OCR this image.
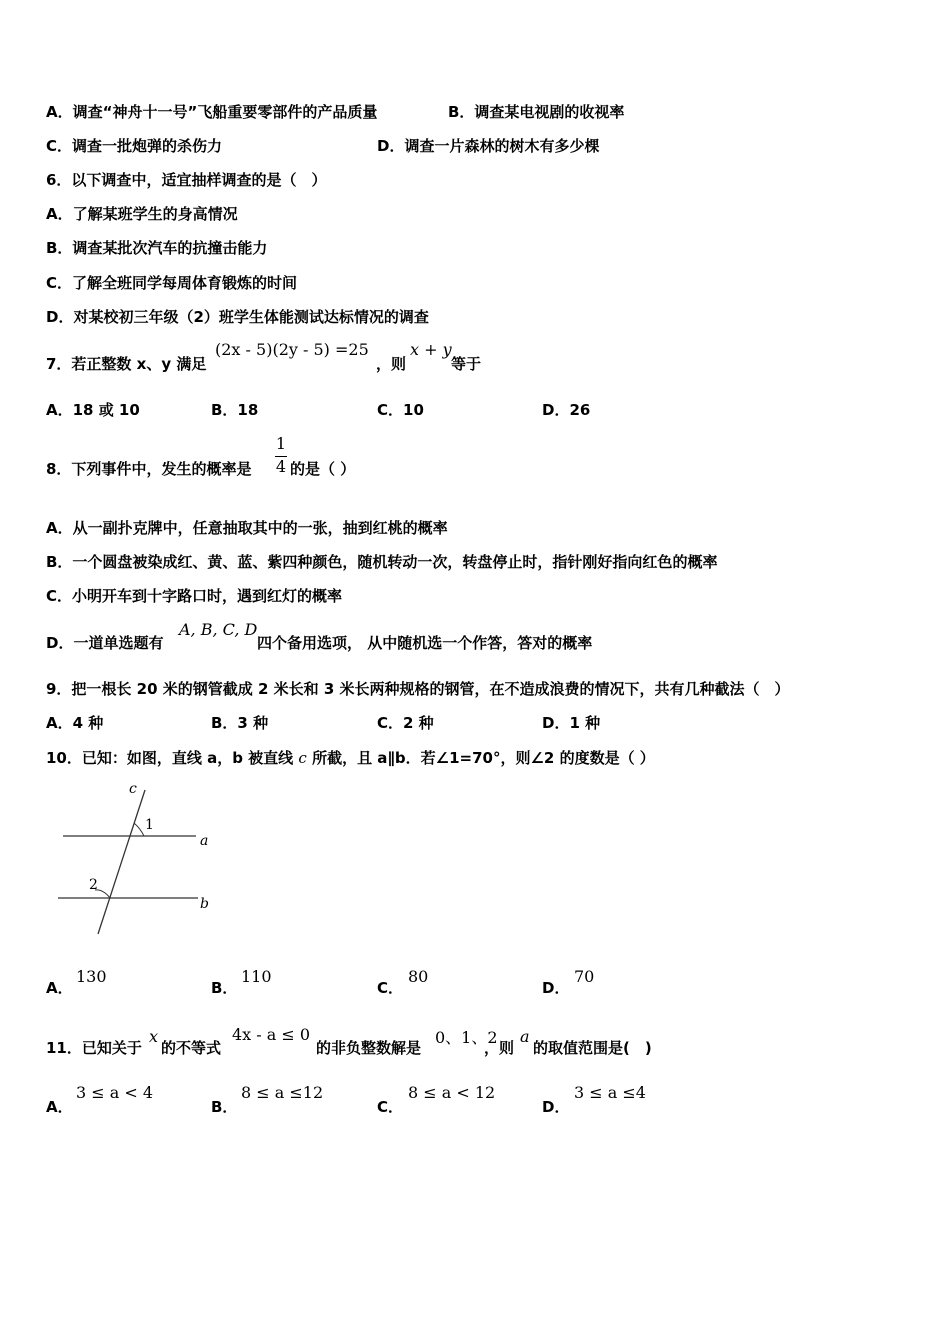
A．调查“神舟十一号”飞船重要零部件的产品质量	B．调查某电视剧的收视率
C．调查一批炮弹的杀伤力	D．调查一片森林的树木有多少棵
6．以下调查中，适宜抽样调查的是（　）
A．了解某班学生的身高情况
B．调查某批次汽车的抗撞击能力
C．了解全班同学每周体育锻炼的时间
D．对某校初三年级（2）班学生体能测试达标情况的调查
7．若正整数 x、y 满足
(2x - 5)(2y - 5) =25
，则
x + y
等于
A．18 或 10	B．18	C．10	D．26
8．下列事件中，发生的概率是
1
4 的是（ ）
A．从一副扑克牌中，任意抽取其中的一张，抽到红桃的概率
B．一个圆盘被染成红、黄、蓝、紫四种颜色，随机转动一次，转盘停止时，指针刚好指向红色的概率
C．小明开车到十字路口时，遇到红灯的概率
D．一道单选题有
A, B, C, D
四个备用选项， 从中随机选一个作答，答对的概率
9．把一根长 20 米的钢管截成 2 米长和 3 米长两种规格的钢管，在不造成浪费的情况下，共有几种截法（　）
A．4 种	B．3 种	C．2 种	D．1 种
10．已知：如图，直线 a，b 被直线 c 所截，且 a∥b．若∠1=70°，则∠2 的度数是（ ）
c
1
a
2
b
A．
130
B．
110
C．
80
D．
70
11．已知关于
x
的不等式
4x - a ≤ 0
的非负整数解是
0、1、2
，则
a
的取值范围是(　)
A．
3 ≤ a < 4
B．
8 ≤ a ≤12
C．
8 ≤ a < 12
D．
3 ≤ a ≤4
